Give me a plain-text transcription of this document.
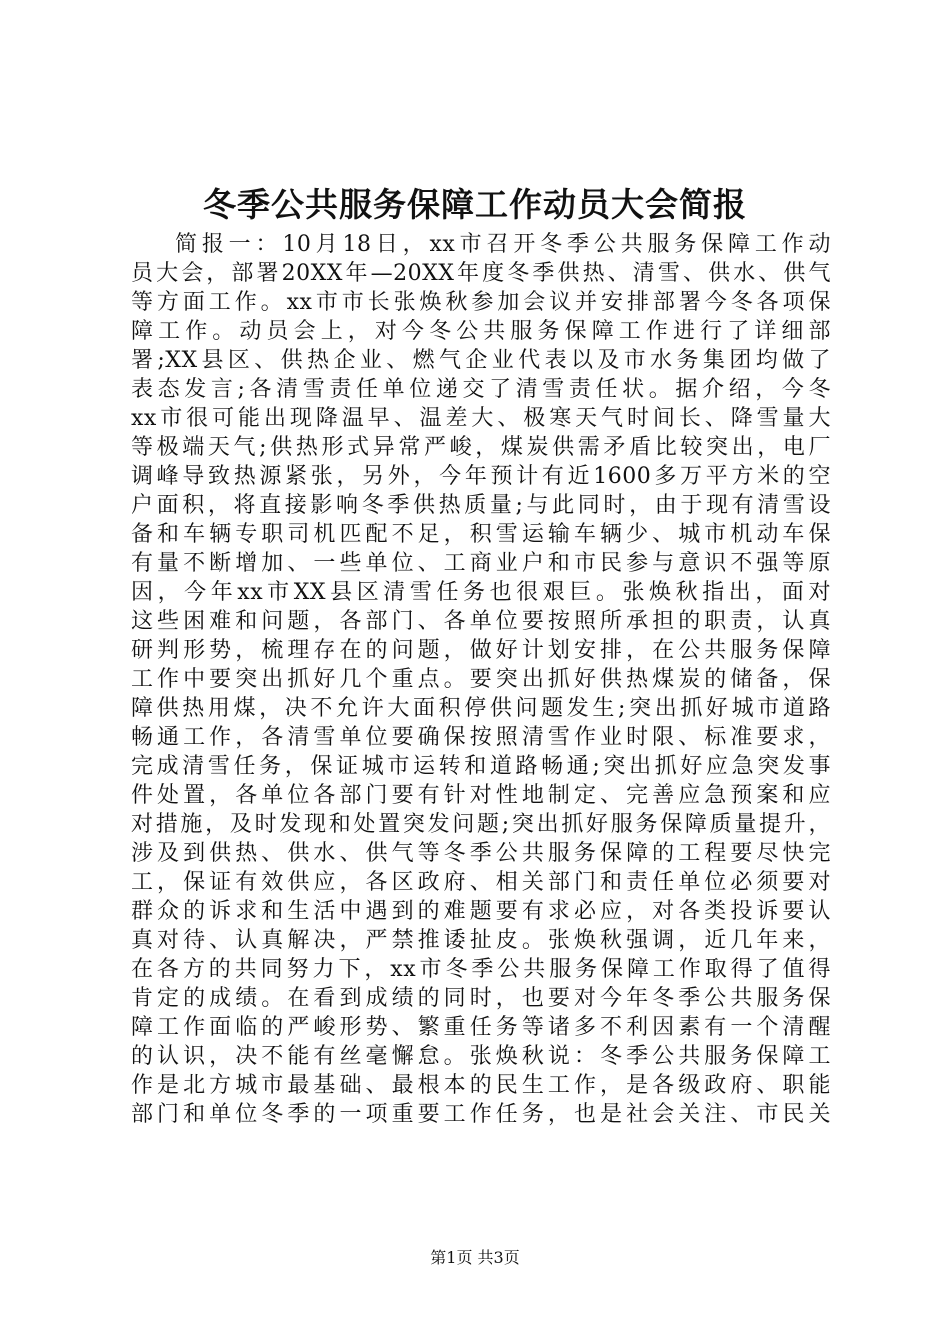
冬季公共服务保障工作动员大会简报
简报一：10月18日，xx市召开冬季公共服务保障工作动
员大会，部署20XX年—20XX年度冬季供热、清雪、供水、供气
等方面工作。xx市市长张焕秋参加会议并安排部署今冬各项保
障工作。动员会上，对今冬公共服务保障工作进行了详细部
署;XX县区、供热企业、燃气企业代表以及市水务集团均做了
表态发言;各清雪责任单位递交了清雪责任状。据介绍，今冬
xx市很可能出现降温早、温差大、极寒天气时间长、降雪量大
等极端天气;供热形式异常严峻，煤炭供需矛盾比较突出，电厂
调峰导致热源紧张，另外，今年预计有近1600多万平方米的空
户面积，将直接影响冬季供热质量;与此同时，由于现有清雪设
备和车辆专职司机匹配不足，积雪运输车辆少、城市机动车保
有量不断增加、一些单位、工商业户和市民参与意识不强等原
因，今年xx市XX县区清雪任务也很艰巨。张焕秋指出，面对
这些困难和问题，各部门、各单位要按照所承担的职责，认真
研判形势，梳理存在的问题，做好计划安排，在公共服务保障
工作中要突出抓好几个重点。要突出抓好供热煤炭的储备，保
障供热用煤，决不允许大面积停供问题发生;突出抓好城市道路
畅通工作，各清雪单位要确保按照清雪作业时限、标准要求，
完成清雪任务，保证城市运转和道路畅通;突出抓好应急突发事
件处置，各单位各部门要有针对性地制定、完善应急预案和应
对措施，及时发现和处置突发问题;突出抓好服务保障质量提升，
涉及到供热、供水、供气等冬季公共服务保障的工程要尽快完
工，保证有效供应，各区政府、相关部门和责任单位必须要对
群众的诉求和生活中遇到的难题要有求必应，对各类投诉要认
真对待、认真解决，严禁推诿扯皮。张焕秋强调，近几年来，
在各方的共同努力下，xx市冬季公共服务保障工作取得了值得
肯定的成绩。在看到成绩的同时，也要对今年冬季公共服务保
障工作面临的严峻形势、繁重任务等诸多不利因素有一个清醒
的认识，决不能有丝毫懈怠。张焕秋说：冬季公共服务保障工
作是北方城市最基础、最根本的民生工作，是各级政府、职能
部门和单位冬季的一项重要工作任务，也是社会关注、市民关

第1页 共3页
